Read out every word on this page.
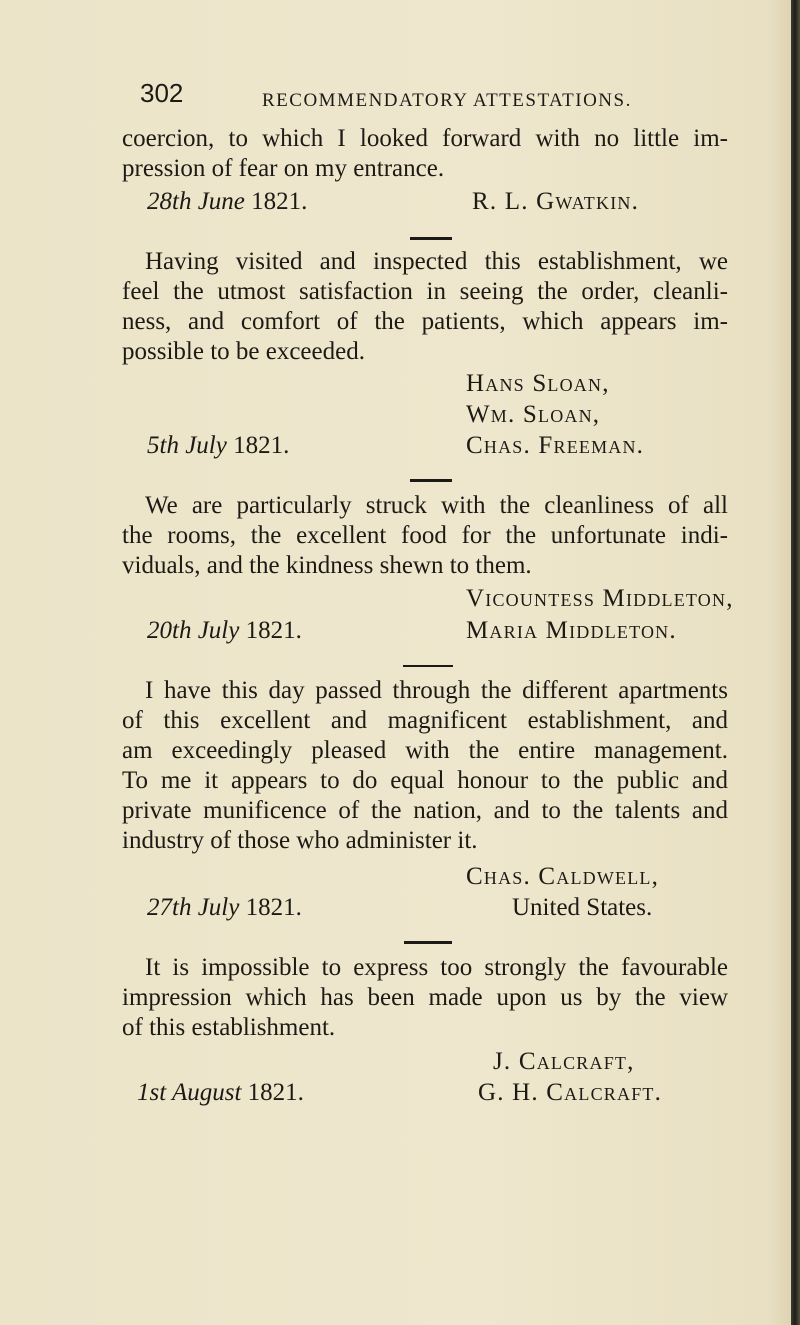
302	RECOMMENDATORY ATTESTATIONS.
coercion, to which I looked forward with no little im-
pression of fear on my entrance.
28th June 1821.	R. L. Gwatkin.
Having visited and inspected this establishment, we
feel the utmost satisfaction in seeing the order, cleanli-
ness, and comfort of the patients, which appears im-
possible to be exceeded.
Hans Sloan,
Wm. Sloan,
5th July 1821.	Chas. Freeman.
We are particularly struck with the cleanliness of all
the rooms, the excellent food for the unfortunate indi-
viduals, and the kindness shewn to them.
Vicountess Middleton,
20th July 1821.	Maria Middleton.
I have this day passed through the different apartments
of this excellent and magnificent establishment, and
am exceedingly pleased with the entire management.
To me it appears to do equal honour to the public and
private munificence of the nation, and to the talents and
industry of those who administer it.
Chas. Caldwell,
27th July 1821.	United States.
It is impossible to express too strongly the favourable
impression which has been made upon us by the view
of this establishment.
J. Calcraft,
1st August 1821.	G. H. Calcraft.
